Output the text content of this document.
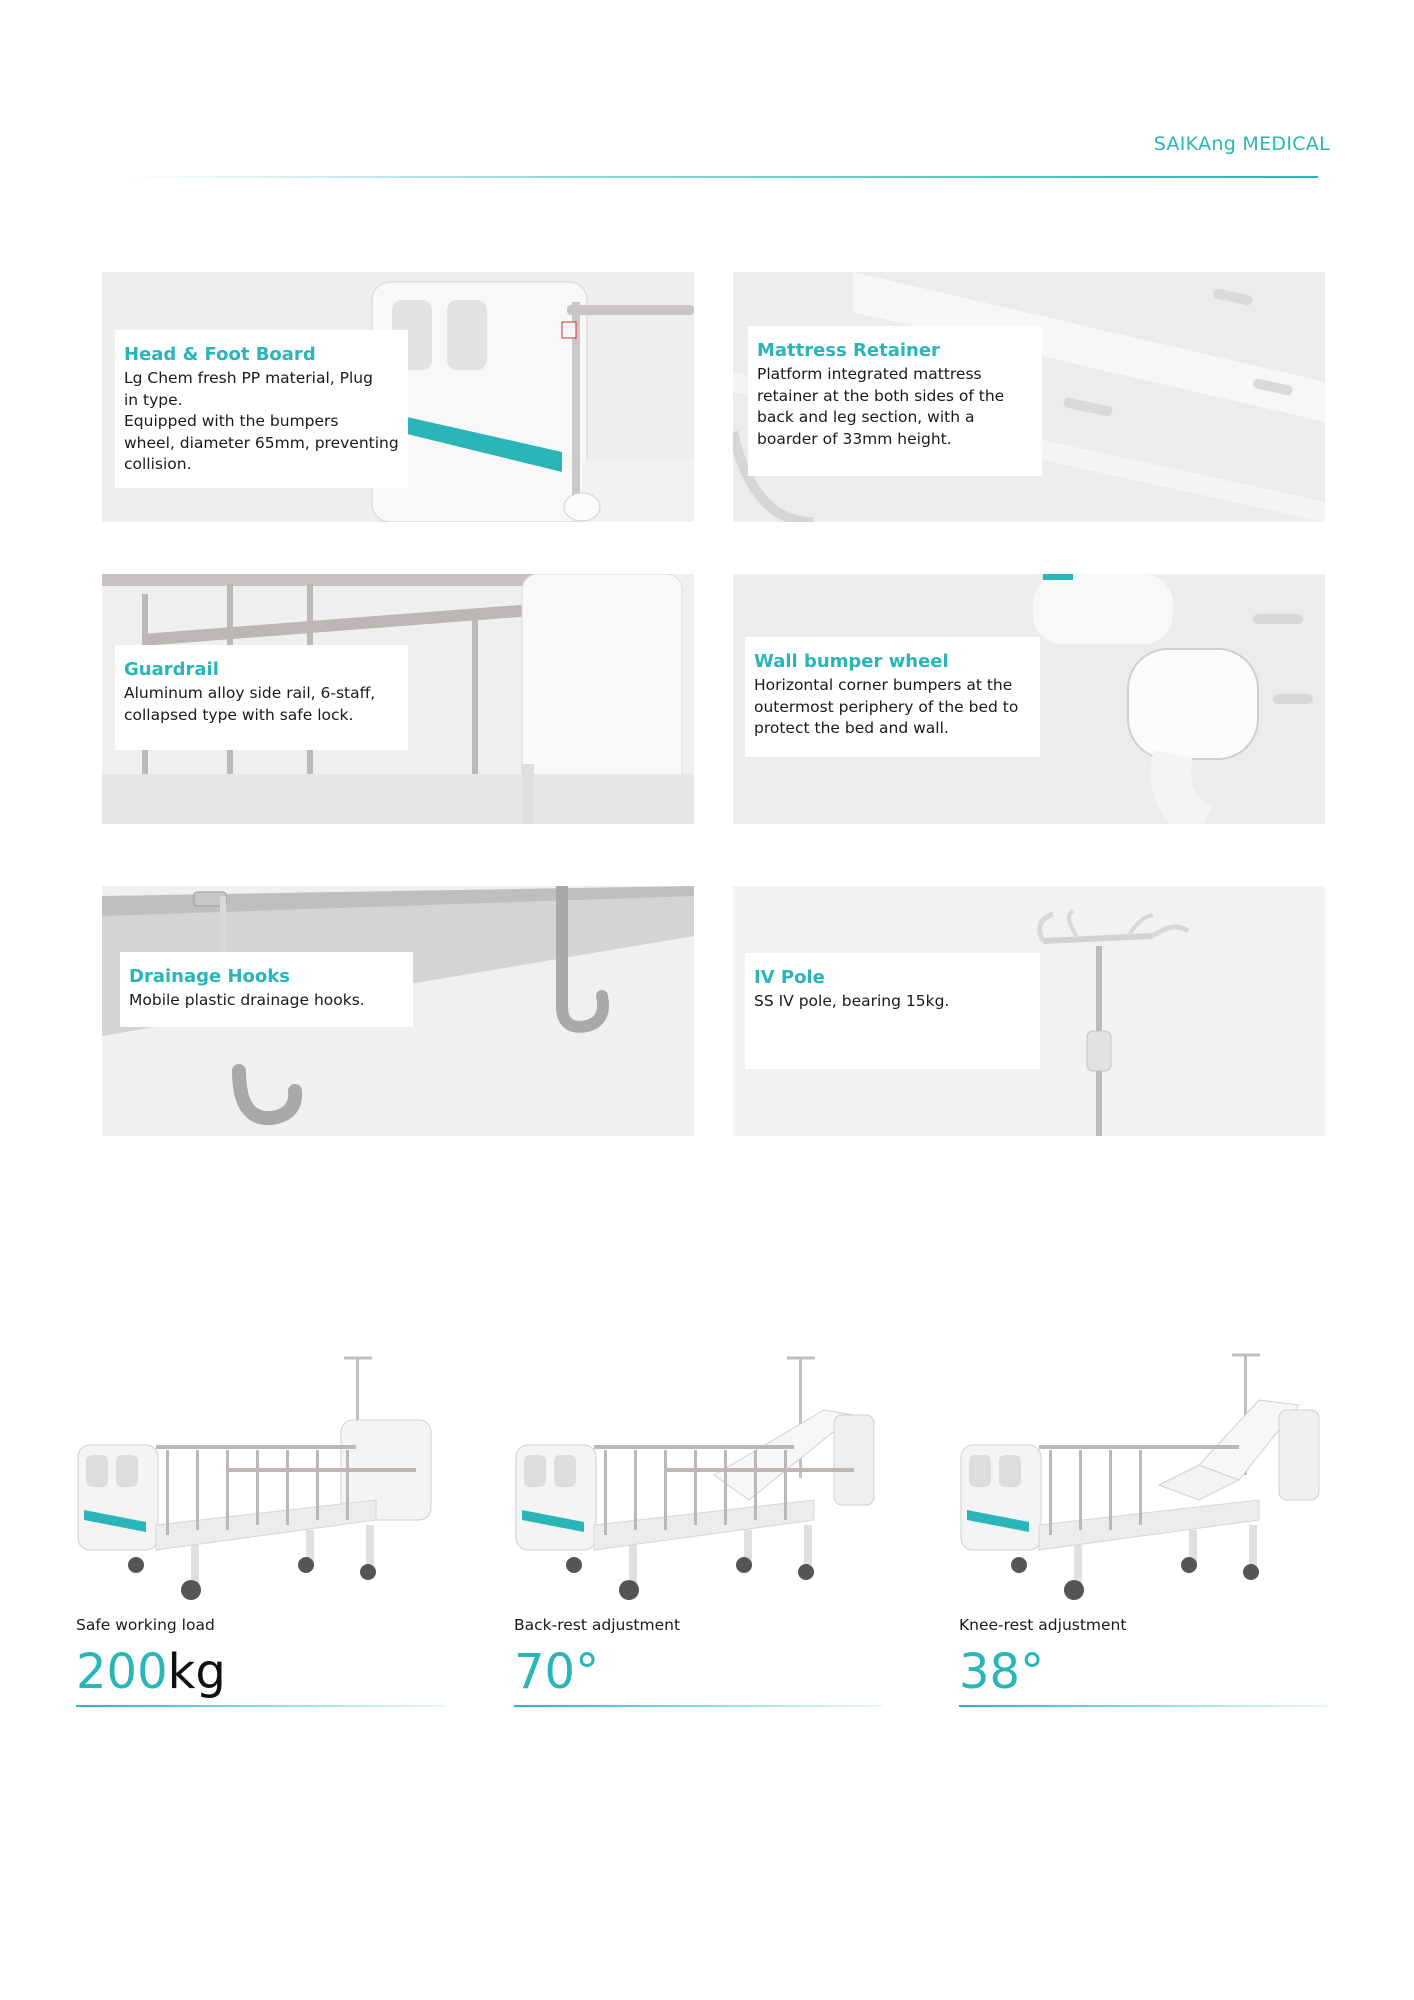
SAIKAng MEDICAL
Head & Foot Board
Lg Chem fresh PP material, Plug
in type.
Equipped with the bumpers
wheel, diameter 65mm, preventing
collision.
Mattress Retainer
Platform integrated mattress
retainer at the both sides of the
back and leg section, with a
boarder of 33mm height.
Guardrail
Aluminum alloy side rail, 6-staff,
collapsed type with safe lock.
Wall bumper wheel
Horizontal corner bumpers at the
outermost periphery of the bed to
protect the bed and wall.
Drainage Hooks
Mobile plastic drainage hooks.
IV Pole
SS IV pole, bearing 15kg.
Safe working load
200kg
Back-rest adjustment
70°
Knee-rest adjustment
38°
